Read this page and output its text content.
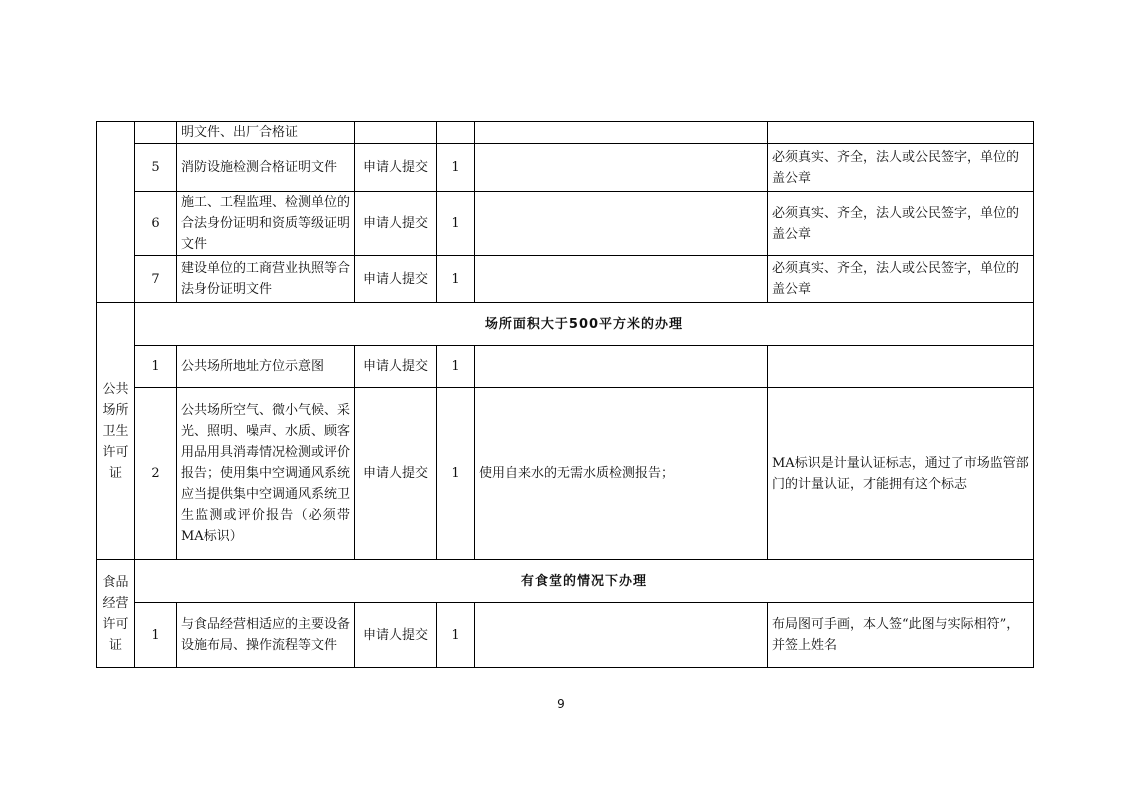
		明文件、出厂合格证				
	5	消防设施检测合格证明文件	申请人提交	1		必须真实、齐全，法人或公民签字，单位的盖公章
	6	施工、工程监理、检测单位的合法身份证明和资质等级证明文件	申请人提交	1		必须真实、齐全，法人或公民签字，单位的盖公章
	7	建设单位的工商营业执照等合法身份证明文件	申请人提交	1		必须真实、齐全，法人或公民签字，单位的盖公章
公共场所卫生许可证	场所面积大于500平方米的办理					
	1	公共场所地址方位示意图	申请人提交	1		
	2	公共场所空气、微小气候、采光、照明、噪声、水质、顾客用品用具消毒情况检测或评价报告；使用集中空调通风系统应当提供集中空调通风系统卫生监测或评价报告（必须带MA标识）	申请人提交	1	使用自来水的无需水质检测报告；	MA标识是计量认证标志，通过了市场监管部门的计量认证，才能拥有这个标志
食品经营许可证	有食堂的情况下办理					
	1	与食品经营相适应的主要设备设施布局、操作流程等文件	申请人提交	1		布局图可手画，本人签“此图与实际相符”，并签上姓名
9
